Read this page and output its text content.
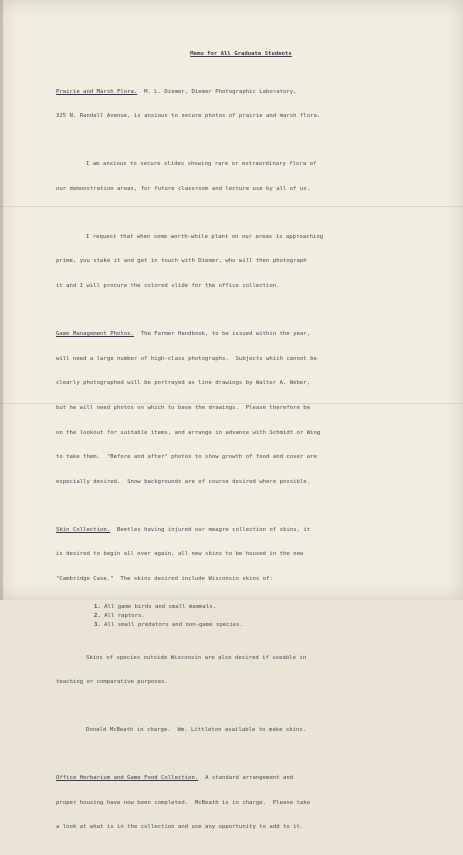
Memo for All Graduate Students

Prairie and Marsh Flora.  M. L. Diemer, Diemer Photographic Laboratory,

325 N. Randall Avenue, is anxious to secure photos of prairie and marsh flora.

I am anxious to secure slides showing rare or extraordinary flora of

our demonstration areas, for future classroom and lecture use by all of us.

I request that when some worth-while plant on our areas is approaching

prime, you stake it and get in touch with Diemer, who will then photograph

it and I will procure the colored slide for the office collection.

Game Management Photos.  The Farmer Handbook, to be issued within the year,

will need a large number of high-class photographs.  Subjects which cannot be

clearly photographed will be portrayed as line drawings by Walter A. Weber,

but he will need photos on which to base the drawings.  Please therefore be

on the lookout for suitable items, and arrange in advance with Schmidt or Wing

to take them.  "Before and after" photos to show growth of food and cover are

especially desired.  Snow backgrounds are of course desired where possible.

Skin Collection.  Beetles having injured our meagre collection of skins, it

is desired to begin all over again, all new skins to be housed in the new

"Cambridge Case."  The skins desired include Wisconsin skins of:

1. All game birds and small mammals.
2. All raptors.
3. All small predators and non-game species.

Skins of species outside Wisconsin are also desired if useable in

teaching or comparative purposes.

Donald McBeath in charge.  Wm. Littleton available to make skins.

Office Herbarium and Game Food Collection.  A standard arrangement and

proper housing have now been completed.  McBeath is in charge.  Please take

a look at what is in the collection and use any opportunity to add to it.
